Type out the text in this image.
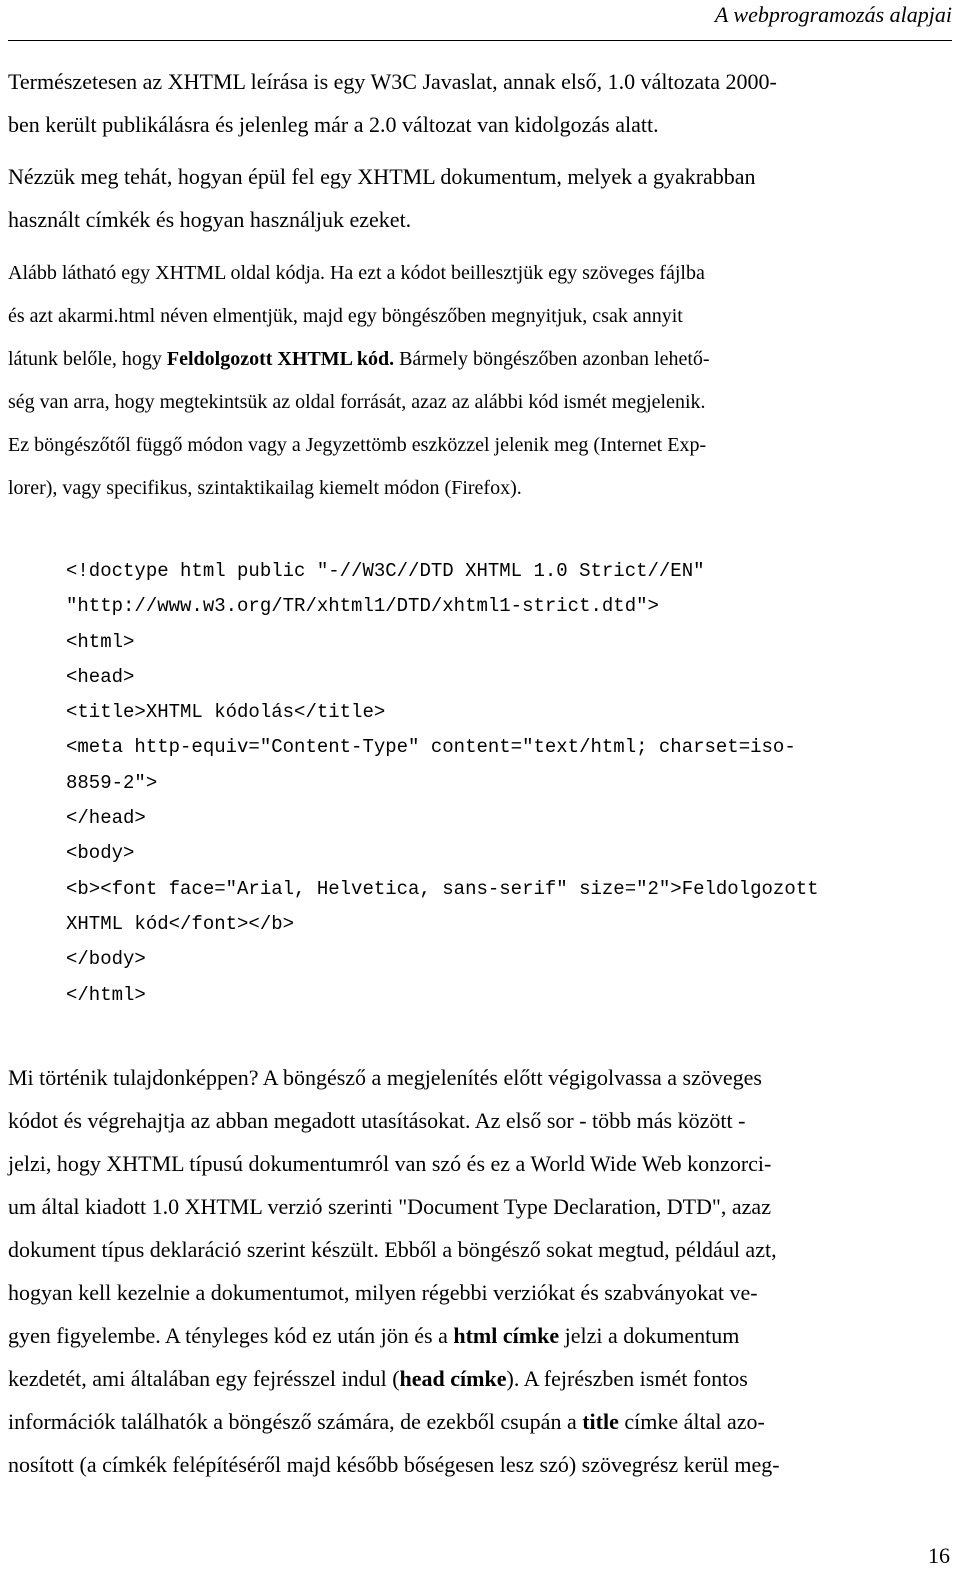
A webprogramozás alapjai
Természetesen az XHTML leírása is egy W3C Javaslat, annak első, 1.0 változata 2000-
ben került publikálásra és jelenleg már a 2.0 változat van kidolgozás alatt.
Nézzük meg tehát, hogyan épül fel egy XHTML dokumentum, melyek a gyakrabban
használt címkék és hogyan használjuk ezeket.
Alább látható egy XHTML oldal kódja. Ha ezt a kódot beillesztjük egy szöveges fájlba
és azt akarmi.html néven elmentjük, majd egy böngészőben megnyitjuk, csak annyit
látunk belőle, hogy Feldolgozott XHTML kód. Bármely böngészőben azonban lehető-
ség van arra, hogy megtekintsük az oldal forrását, azaz az alábbi kód ismét megjelenik.
Ez böngészőtől függő módon vagy a Jegyzettömb eszközzel jelenik meg (Internet Exp-
lorer), vagy specifikus, szintaktikailag kiemelt módon (Firefox).
<!doctype html public "-//W3C//DTD XHTML 1.0 Strict//EN"
"http://www.w3.org/TR/xhtml1/DTD/xhtml1-strict.dtd">
<html>
<head>
<title>XHTML kódolás</title>
<meta http-equiv="Content-Type" content="text/html; charset=iso-
8859-2">
</head>
<body>
<b><font face="Arial, Helvetica, sans-serif" size="2">Feldolgozott
XHTML kód</font></b>
</body>
</html>
Mi történik tulajdonképpen? A böngésző a megjelenítés előtt végigolvassa a szöveges
kódot és végrehajtja az abban megadott utasításokat. Az első sor - több más között -
jelzi, hogy XHTML típusú dokumentumról van szó és ez a World Wide Web konzorci-
um által kiadott 1.0 XHTML verzió szerinti "Document Type Declaration, DTD", azaz
dokument típus deklaráció szerint készült. Ebből a böngésző sokat megtud, például azt,
hogyan kell kezelnie a dokumentumot, milyen régebbi verziókat és szabványokat ve-
gyen figyelembe. A tényleges kód ez után jön és a html címke jelzi a dokumentum
kezdetét, ami általában egy fejrésszel indul (head címke). A fejrészben ismét fontos
információk találhatók a böngésző számára, de ezekből csupán a title címke által azo-
nosított (a címkék felépítéséről majd később bőségesen lesz szó) szövegrész kerül meg-
16
